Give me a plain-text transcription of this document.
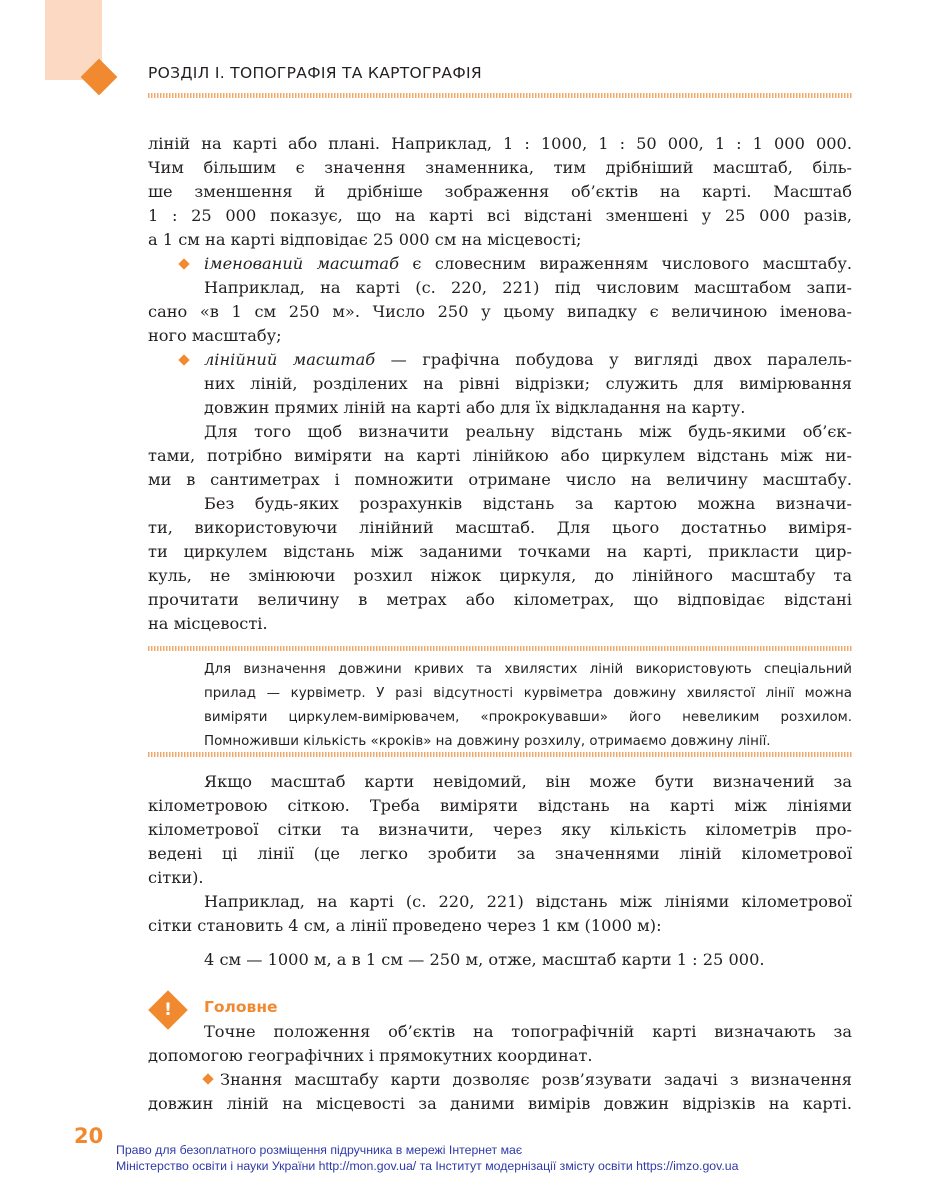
РОЗДІЛ І. ТОПОГРАФІЯ ТА КАРТОГРАФІЯ
ліній на карті або плані. Наприклад, 1 : 1000, 1 : 50 000, 1 : 1 000 000.
Чим більшим є значення знаменника, тим дрібніший масштаб, біль-
ше зменшення й дрібніше зображення об’єктів на карті. Масштаб
1 : 25 000 показує, що на карті всі відстані зменшені у 25 000 разів,
а 1 см на карті відповідає 25 000 см на місцевості;
іменований масштаб є словесним вираженням числового масштабу.
Наприклад, на карті (с. 220, 221) під числовим масштабом запи-
сано «в 1 см 250 м». Число 250 у цьому випадку є величиною іменова-
ного масштабу;
лінійний масштаб — графічна побудова у вигляді двох паралель-
них ліній, розділених на рівні відрізки; служить для вимірювання
довжин прямих ліній на карті або для їх відкладання на карту.
Для того щоб визначити реальну відстань між будь-якими об’єк-
тами, потрібно виміряти на карті лінійкою або циркулем відстань між ни-
ми в сантиметрах і помножити отримане число на величину масштабу.
Без будь-яких розрахунків відстань за картою можна визначи-
ти, використовуючи лінійний масштаб. Для цього достатньо виміря-
ти циркулем відстань між заданими точками на карті, прикласти цир-
куль, не змінюючи розхил ніжок циркуля, до лінійного масштабу та
прочитати величину в метрах або кілометрах, що відповідає відстані
на місцевості.
Для визначення довжини кривих та хвилястих ліній використовують спеціальний
прилад — курвіметр. У разі відсутності курвіметра довжину хвилястої лінії можна
виміряти циркулем-вимірювачем, «прокрокувавши» його невеликим розхилом.
Помноживши кількість «кроків» на довжину розхилу, отримаємо довжину лінії.
Якщо масштаб карти невідомий, він може бути визначений за
кілометровою сіткою. Треба виміряти відстань на карті між лініями
кілометрової сітки та визначити, через яку кількість кілометрів про-
ведені ці лінії (це легко зробити за значеннями ліній кілометрової
сітки).
Наприклад, на карті (с. 220, 221) відстань між лініями кілометрової
сітки становить 4 см, а лінії проведено через 1 км (1000 м):
4 см — 1000 м, а в 1 см — 250 м, отже, масштаб карти 1 : 25 000.
!	Головне
Точне положення об’єктів на топографічній карті визначають за
допомогою географічних і прямокутних координат.
Знання масштабу карти дозволяє розв’язувати задачі з визначення
довжин ліній на місцевості за даними вимірів довжин відрізків на карті.
20
Право для безоплатного розміщення підручника в мережі Інтернет має
Міністерство освіти і науки України http://mon.gov.ua/ та Інститут модернізації змісту освіти https://imzo.gov.ua
